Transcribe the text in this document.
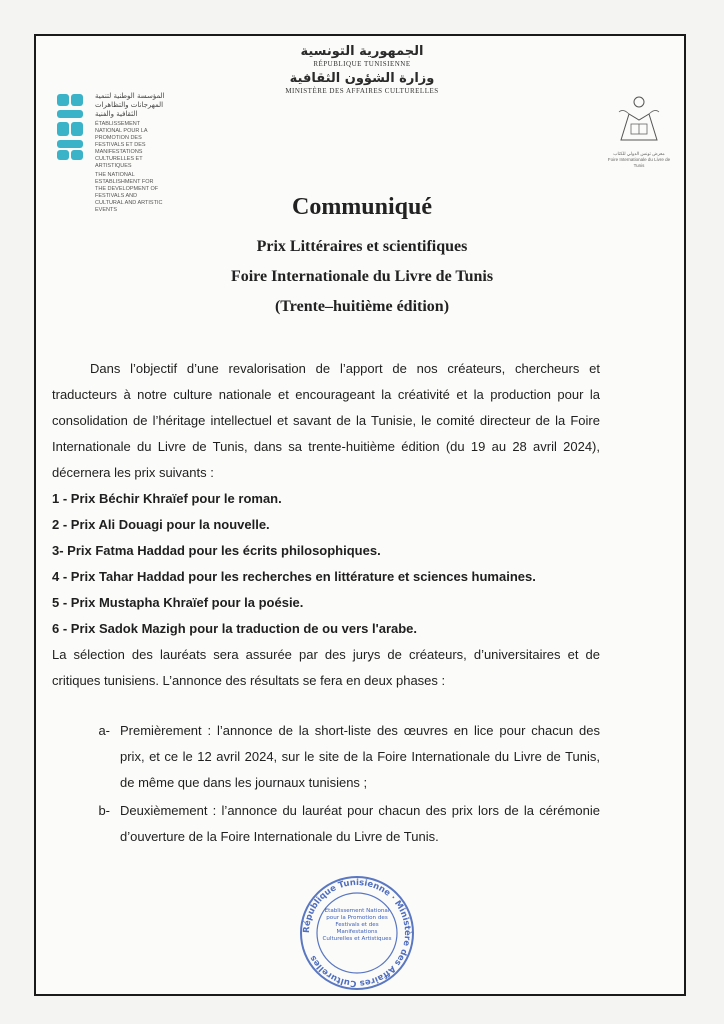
الجمهورية التونسية
RÉPUBLIQUE TUNISIENNE
وزارة الشؤون الثقافية
MINISTÈRE DES AFFAIRES CULTURELLES
المؤسسة الوطنية لتنمية المهرجانات والتظاهرات الثقافية والفنية
ÉTABLISSEMENT NATIONAL POUR LA PROMOTION DES FESTIVALS ET DES MANIFESTATIONS CULTURELLES ET ARTISTIQUES
THE NATIONAL ESTABLISHMENT FOR THE DEVELOPMENT OF FESTIVALS AND CULTURAL AND ARTISTIC EVENTS
معرض تونس الدولي للكتاب
Foire Internationale du Livre de Tunis
Communiqué
Prix Littéraires et scientifiques
Foire Internationale du Livre de Tunis
(Trente–huitième édition)

Dans l’objectif d’une revalorisation de l’apport de nos créateurs, chercheurs et traducteurs à notre culture nationale et encourageant la créativité et la production pour la consolidation de l’héritage intellectuel et savant de la Tunisie, le comité directeur de la Foire Internationale du Livre de Tunis, dans sa trente-huitième édition (du 19 au 28 avril 2024), décernera les prix suivants :

1 - Prix Béchir Khraïef pour le roman.
2 - Prix Ali Douagi pour la nouvelle.
3- Prix Fatma Haddad pour les écrits philosophiques.
4 - Prix Tahar Haddad pour les recherches en littérature et sciences humaines.
5 - Prix Mustapha Khraïef pour la poésie.
6 - Prix Sadok Mazigh pour la traduction de ou vers l'arabe.

La sélection des lauréats sera assurée par des jurys de créateurs, d’universitaires et de critiques tunisiens. L’annonce des résultats se fera en deux phases :

a- Premièrement : l’annonce de la short-liste des œuvres en lice pour chacun des prix, et ce le 12 avril 2024, sur le site de la Foire Internationale du Livre de Tunis, de même que dans les journaux tunisiens ;
b- Deuxièmement : l’annonce du lauréat pour chacun des prix lors de la cérémonie d’ouverture de la Foire Internationale du Livre de Tunis.
République Tunisienne · Ministère des Affaires Culturelles
Etablissement National pour la Promotion des Festivals et des Manifestations Culturelles et Artistiques
